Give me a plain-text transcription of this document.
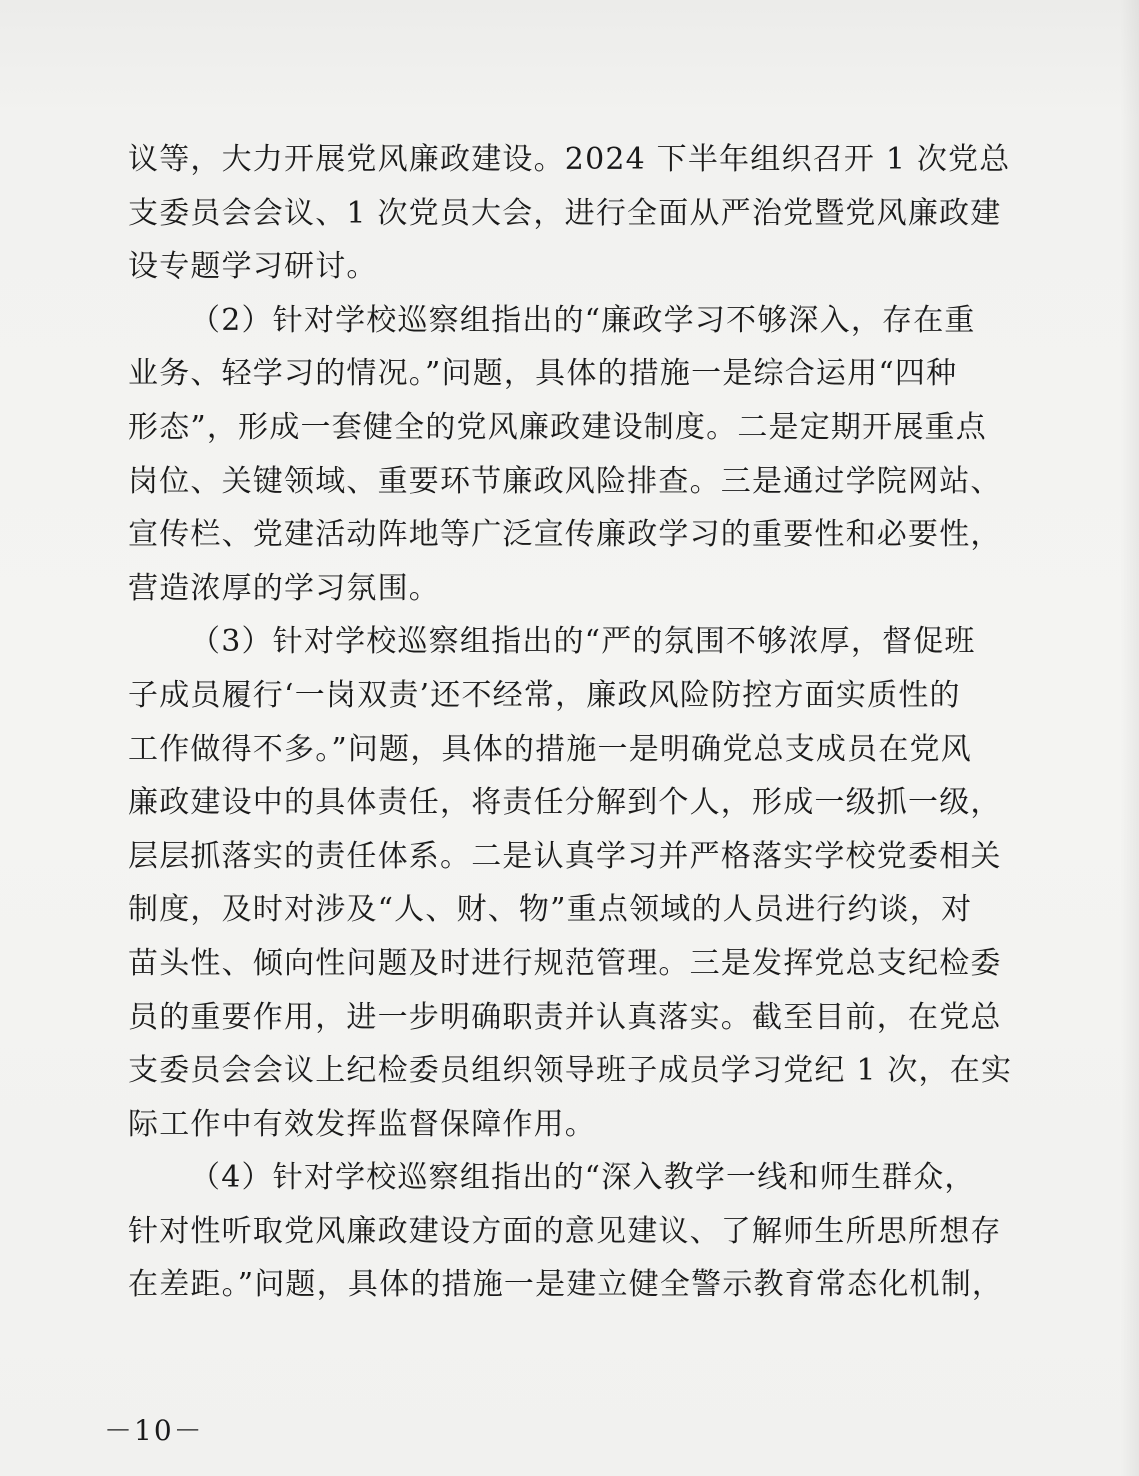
议等，大力开展党风廉政建设。2024 下半年组织召开 1 次党总
支委员会会议、1 次党员大会，进行全面从严治党暨党风廉政建
设专题学习研讨。
（2）针对学校巡察组指出的“廉政学习不够深入，存在重
业务、轻学习的情况。”问题，具体的措施一是综合运用“四种
形态”，形成一套健全的党风廉政建设制度。二是定期开展重点
岗位、关键领域、重要环节廉政风险排查。三是通过学院网站、
宣传栏、党建活动阵地等广泛宣传廉政学习的重要性和必要性，
营造浓厚的学习氛围。
（3）针对学校巡察组指出的“严的氛围不够浓厚，督促班
子成员履行‘一岗双责’还不经常，廉政风险防控方面实质性的
工作做得不多。”问题，具体的措施一是明确党总支成员在党风
廉政建设中的具体责任，将责任分解到个人，形成一级抓一级，
层层抓落实的责任体系。二是认真学习并严格落实学校党委相关
制度，及时对涉及“人、财、物”重点领域的人员进行约谈，对
苗头性、倾向性问题及时进行规范管理。三是发挥党总支纪检委
员的重要作用，进一步明确职责并认真落实。截至目前，在党总
支委员会会议上纪检委员组织领导班子成员学习党纪 1 次，在实
际工作中有效发挥监督保障作用。
（4）针对学校巡察组指出的“深入教学一线和师生群众，
针对性听取党风廉政建设方面的意见建议、了解师生所思所想存
在差距。”问题，具体的措施一是建立健全警示教育常态化机制，
－10－
